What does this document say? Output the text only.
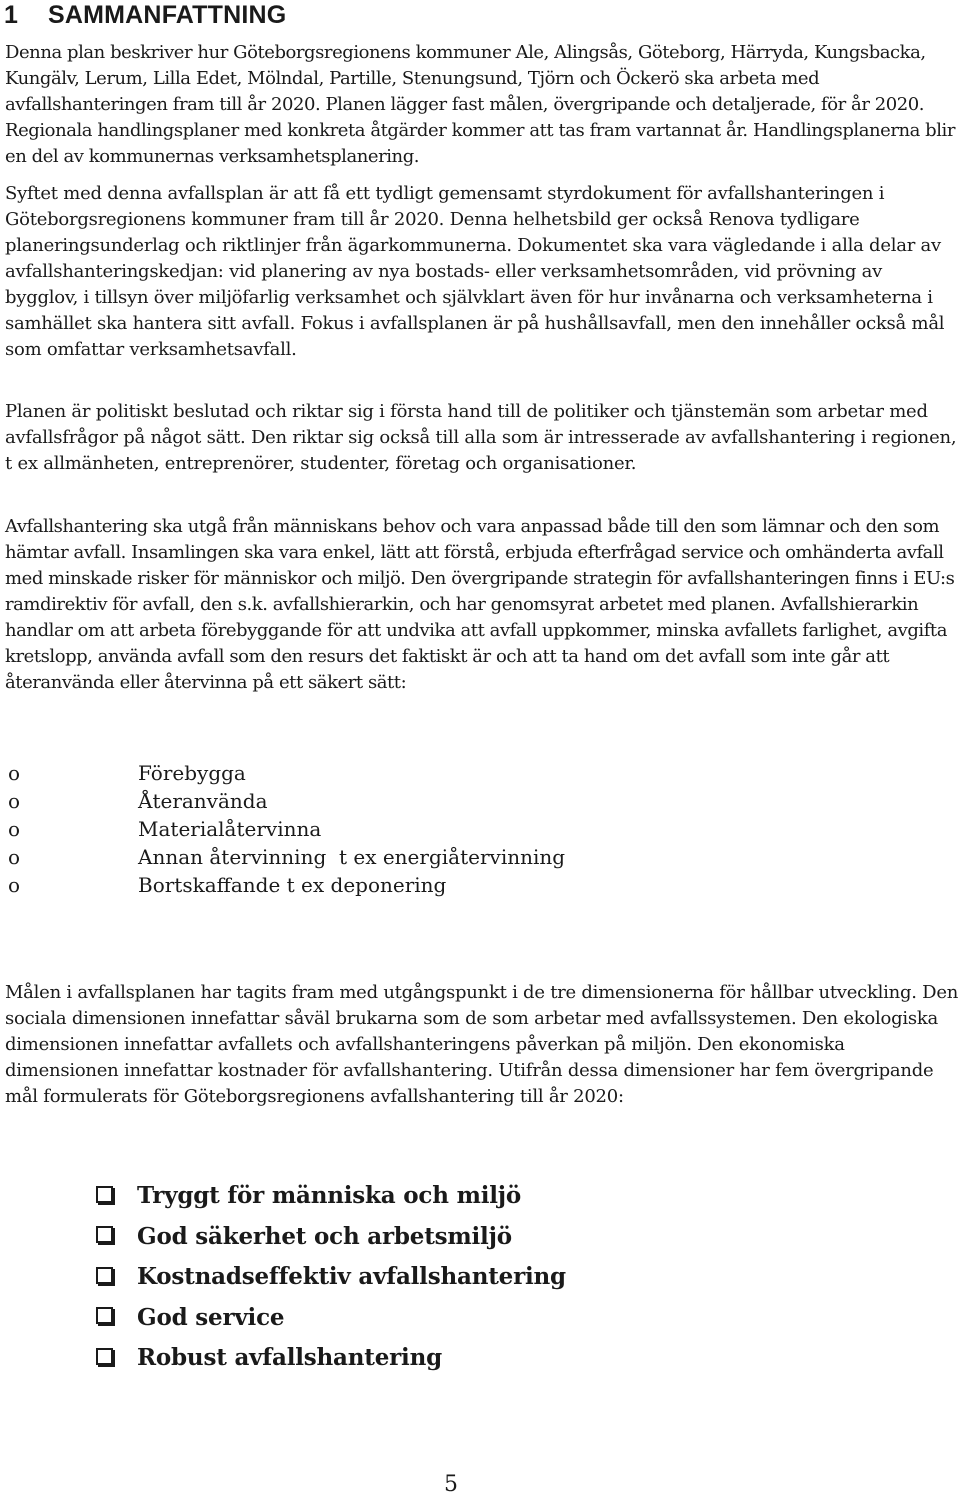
1 SAMMANFATTNING

Denna plan beskriver hur Göteborgsregionens kommuner Ale, Alingsås, Göteborg, Härryda, Kungsbacka, Kungälv, Lerum, Lilla Edet, Mölndal, Partille, Stenungsund, Tjörn och Öckerö ska arbeta med avfallshanteringen fram till år 2020. Planen lägger fast målen, övergripande och detaljerade, för år 2020. Regionala handlingsplaner med konkreta åtgärder kommer att tas fram vartannat år. Handlingsplanerna blir en del av kommunernas verksamhetsplanering.

Syftet med denna avfallsplan är att få ett tydligt gemensamt styrdokument för avfallshanteringen i Göteborgsregionens kommuner fram till år 2020. Denna helhetsbild ger också Renova tydligare planeringsunderlag och riktlinjer från ägarkommunerna. Dokumentet ska vara vägledande i alla delar av avfallshanteringskedjan: vid planering av nya bostads- eller verksamhetsområden, vid prövning av bygglov, i tillsyn över miljöfarlig verksamhet och självklart även för hur invånarna och verksamheterna i samhället ska hantera sitt avfall. Fokus i avfallsplanen är på hushållsavfall, men den innehåller också mål som omfattar verksamhetsavfall.

Planen är politiskt beslutad och riktar sig i första hand till de politiker och tjänstemän som arbetar med avfallsfrågor på något sätt. Den riktar sig också till alla som är intresserade av avfallshantering i regionen, t ex allmänheten, entreprenörer, studenter, företag och organisationer.

Avfallshantering ska utgå från människans behov och vara anpassad både till den som lämnar och den som hämtar avfall. Insamlingen ska vara enkel, lätt att förstå, erbjuda efterfrågad service och omhänderta avfall med minskade risker för människor och miljö. Den övergripande strategin för avfallshanteringen finns i EU:s ramdirektiv för avfall, den s.k. avfallshierarkin, och har genomsyrat arbetet med planen. Avfallshierarkin handlar om att arbeta förebyggande för att undvika att avfall uppkommer, minska avfallets farlighet, avgifta kretslopp, använda avfall som den resurs det faktiskt är och att ta hand om det avfall som inte går att återanvända eller återvinna på ett säkert sätt:

o	Förebygga
o	Återanvända
o	Materialåtervinna
o	Annan återvinning  t ex energiåtervinning
o	Bortskaffande t ex deponering

Målen i avfallsplanen har tagits fram med utgångspunkt i de tre dimensionerna för hållbar utveckling. Den sociala dimensionen innefattar såväl brukarna som de som arbetar med avfallssystemen. Den ekologiska dimensionen innefattar avfallets och avfallshanteringens påverkan på miljön. Den ekonomiska dimensionen innefattar kostnader för avfallshantering. Utifrån dessa dimensioner har fem övergripande mål formulerats för Göteborgsregionens avfallshantering till år 2020:

Tryggt för människa och miljö
God säkerhet och arbetsmiljö
Kostnadseffektiv avfallshantering
God service
Robust avfallshantering
5
